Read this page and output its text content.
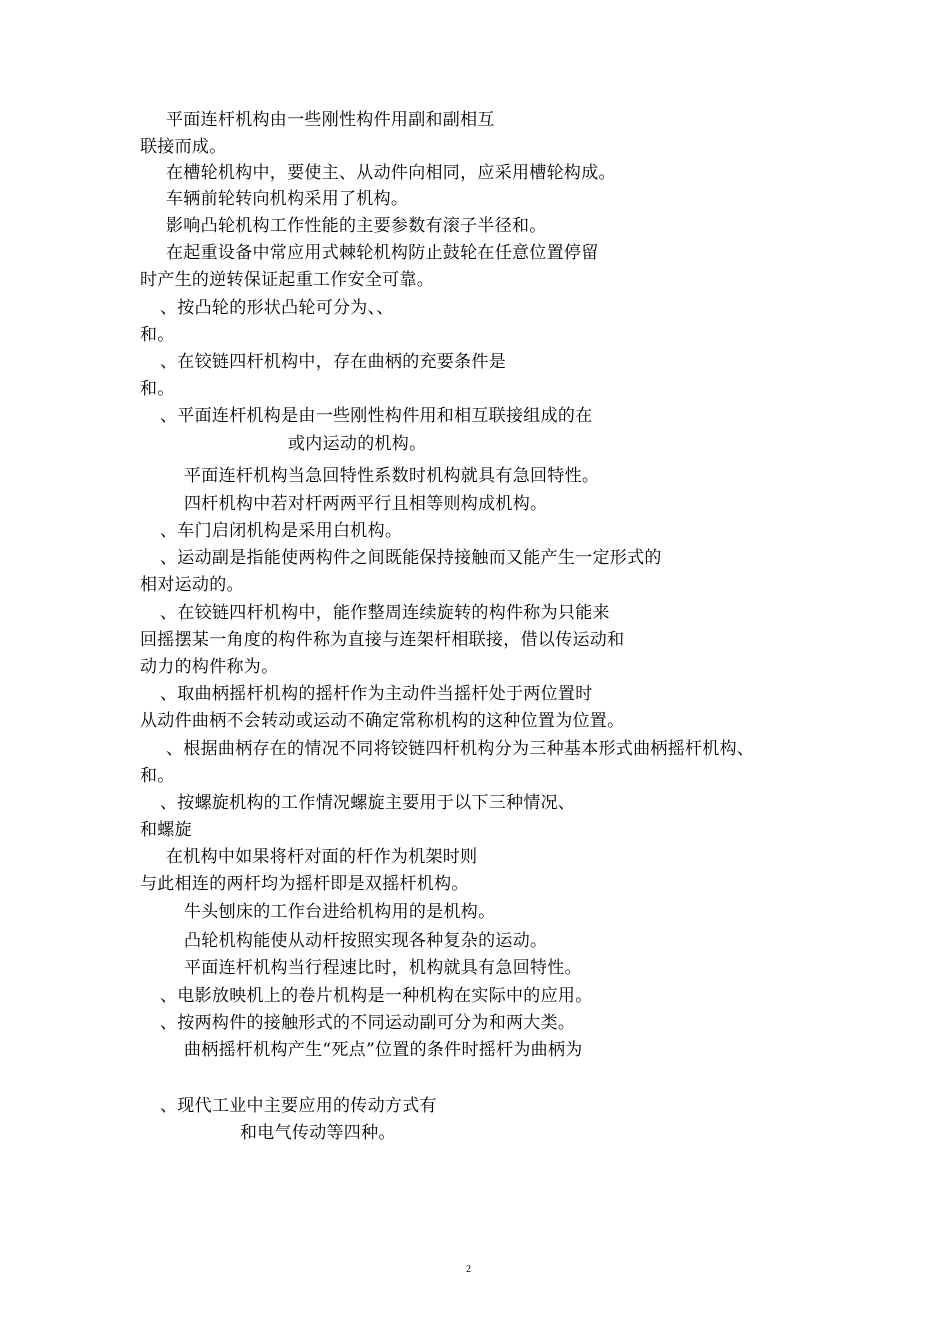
平面连杆机构由一些刚性构件用副和副相互
联接而成。
在槽轮机构中，要使主、从动件向相同，应采用槽轮构成。
车辆前轮转向机构采用了机构。
影响凸轮机构工作性能的主要参数有滚子半径和。
在起重设备中常应用式棘轮机构防止鼓轮在任意位置停留
时产生的逆转保证起重工作安全可靠。
、按凸轮的形状凸轮可分为、、
和。
、在铰链四杆机构中，存在曲柄的充要条件是
和。
、平面连杆机构是由一些刚性构件用和相互联接组成的在
或内运动的机构。
平面连杆机构当急回特性系数时机构就具有急回特性。
四杆机构中若对杆两两平行且相等则构成机构。
、车门启闭机构是采用白机构。
、运动副是指能使两构件之间既能保持接触而又能产生一定形式的
相对运动的。
、在铰链四杆机构中，能作整周连续旋转的构件称为只能来
回摇摆某一角度的构件称为直接与连架杆相联接，借以传运动和
动力的构件称为。
、取曲柄摇杆机构的摇杆作为主动件当摇杆处于两位置时
从动件曲柄不会转动或运动不确定常称机构的这种位置为位置。
、根据曲柄存在的情况不同将铰链四杆机构分为三种基本形式曲柄摇杆机构、
和。
、按螺旋机构的工作情况螺旋主要用于以下三种情况、
和螺旋
在机构中如果将杆对面的杆作为机架时则
与此相连的两杆均为摇杆即是双摇杆机构。
牛头刨床的工作台进给机构用的是机构。
凸轮机构能使从动杆按照实现各种复杂的运动。
平面连杆机构当行程速比时，机构就具有急回特性。
、电影放映机上的卷片机构是一种机构在实际中的应用。
、按两构件的接触形式的不同运动副可分为和两大类。
曲柄摇杆机构产生“死点”位置的条件时摇杆为曲柄为
、现代工业中主要应用的传动方式有
和电气传动等四种。
2
